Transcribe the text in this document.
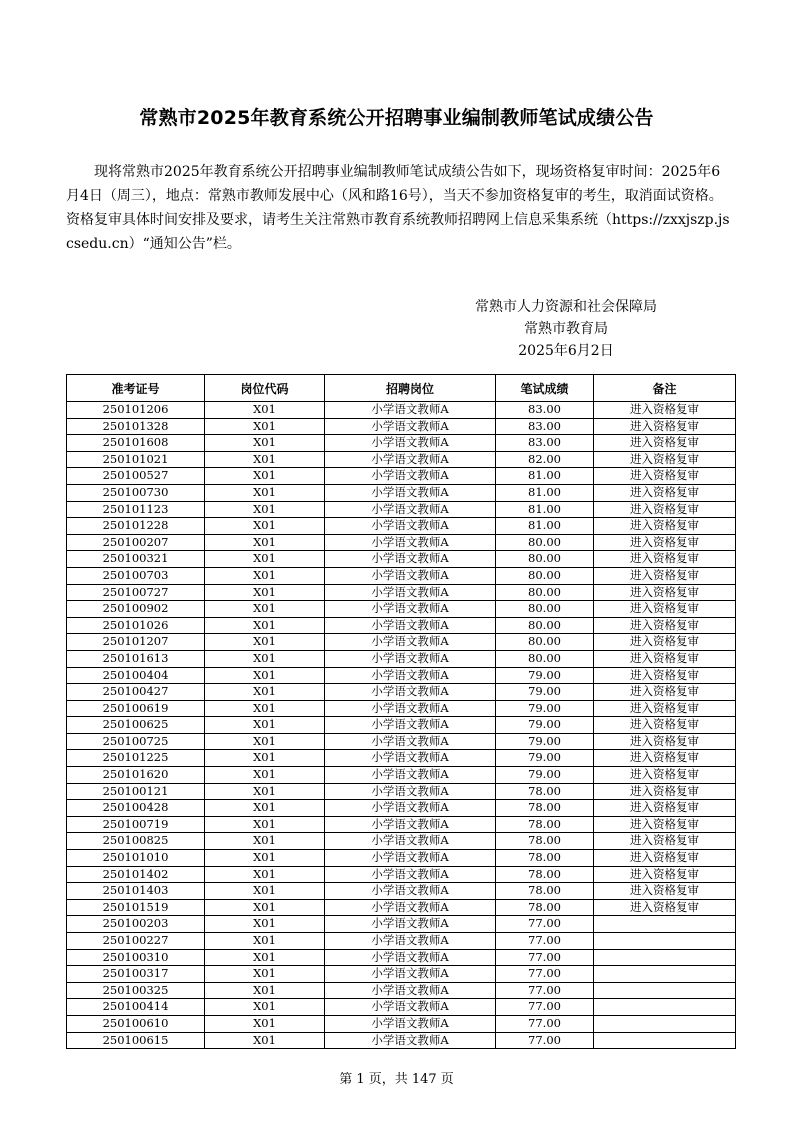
常熟市2025年教育系统公开招聘事业编制教师笔试成绩公告
现将常熟市2025年教育系统公开招聘事业编制教师笔试成绩公告如下，现场资格复审时间：2025年6月4日（周三），地点：常熟市教师发展中心（风和路16号），当天不参加资格复审的考生，取消面试资格。资格复审具体时间安排及要求，请考生关注常熟市教育系统教师招聘网上信息采集系统（https://zxxjszp.jscsedu.cn）“通知公告”栏。
常熟市人力资源和社会保障局
常熟市教育局
2025年6月2日
准考证号	岗位代码	招聘岗位	笔试成绩	备注
250101206	X01	小学语文教师A	83.00	进入资格复审
250101328	X01	小学语文教师A	83.00	进入资格复审
250101608	X01	小学语文教师A	83.00	进入资格复审
250101021	X01	小学语文教师A	82.00	进入资格复审
250100527	X01	小学语文教师A	81.00	进入资格复审
250100730	X01	小学语文教师A	81.00	进入资格复审
250101123	X01	小学语文教师A	81.00	进入资格复审
250101228	X01	小学语文教师A	81.00	进入资格复审
250100207	X01	小学语文教师A	80.00	进入资格复审
250100321	X01	小学语文教师A	80.00	进入资格复审
250100703	X01	小学语文教师A	80.00	进入资格复审
250100727	X01	小学语文教师A	80.00	进入资格复审
250100902	X01	小学语文教师A	80.00	进入资格复审
250101026	X01	小学语文教师A	80.00	进入资格复审
250101207	X01	小学语文教师A	80.00	进入资格复审
250101613	X01	小学语文教师A	80.00	进入资格复审
250100404	X01	小学语文教师A	79.00	进入资格复审
250100427	X01	小学语文教师A	79.00	进入资格复审
250100619	X01	小学语文教师A	79.00	进入资格复审
250100625	X01	小学语文教师A	79.00	进入资格复审
250100725	X01	小学语文教师A	79.00	进入资格复审
250101225	X01	小学语文教师A	79.00	进入资格复审
250101620	X01	小学语文教师A	79.00	进入资格复审
250100121	X01	小学语文教师A	78.00	进入资格复审
250100428	X01	小学语文教师A	78.00	进入资格复审
250100719	X01	小学语文教师A	78.00	进入资格复审
250100825	X01	小学语文教师A	78.00	进入资格复审
250101010	X01	小学语文教师A	78.00	进入资格复审
250101402	X01	小学语文教师A	78.00	进入资格复审
250101403	X01	小学语文教师A	78.00	进入资格复审
250101519	X01	小学语文教师A	78.00	进入资格复审
250100203	X01	小学语文教师A	77.00	
250100227	X01	小学语文教师A	77.00	
250100310	X01	小学语文教师A	77.00	
250100317	X01	小学语文教师A	77.00	
250100325	X01	小学语文教师A	77.00	
250100414	X01	小学语文教师A	77.00	
250100610	X01	小学语文教师A	77.00	
250100615	X01	小学语文教师A	77.00	
第 1 页，共 147 页
